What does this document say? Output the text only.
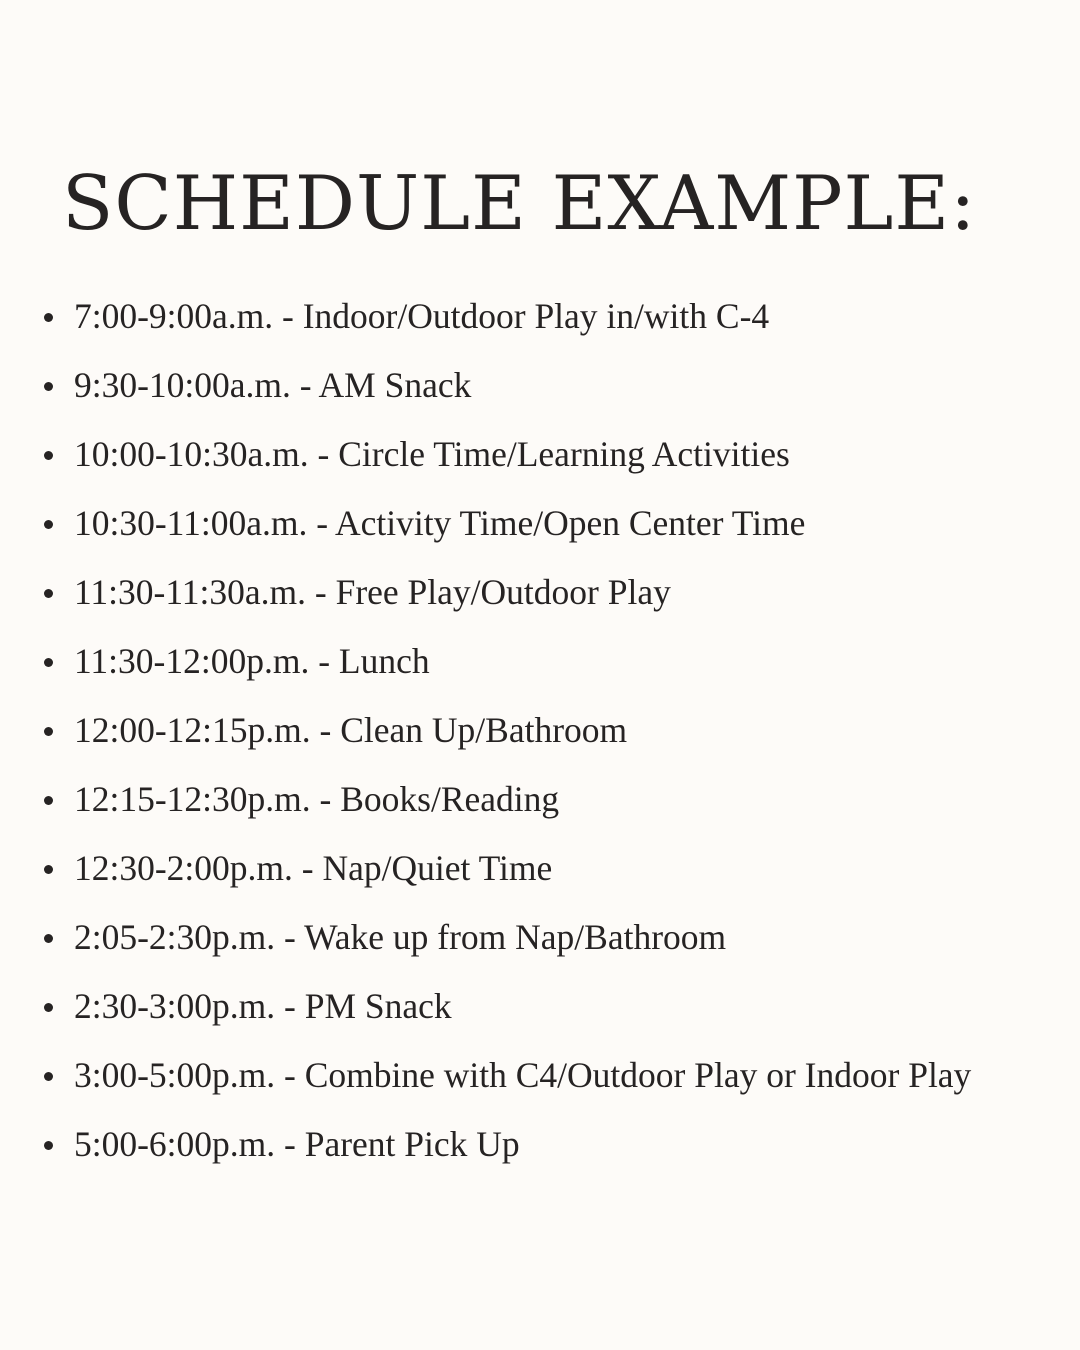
SCHEDULE EXAMPLE:
7:00-9:00a.m. - Indoor/Outdoor Play in/with C-4
9:30-10:00a.m. - AM Snack
10:00-10:30a.m. - Circle Time/Learning Activities
10:30-11:00a.m. - Activity Time/Open Center Time
11:30-11:30a.m. - Free Play/Outdoor Play
11:30-12:00p.m. - Lunch
12:00-12:15p.m. - Clean Up/Bathroom
12:15-12:30p.m. - Books/Reading
12:30-2:00p.m. - Nap/Quiet Time
2:05-2:30p.m. - Wake up from Nap/Bathroom
2:30-3:00p.m. - PM Snack
3:00-5:00p.m. - Combine with C4/Outdoor Play or Indoor Play
5:00-6:00p.m. - Parent Pick Up
